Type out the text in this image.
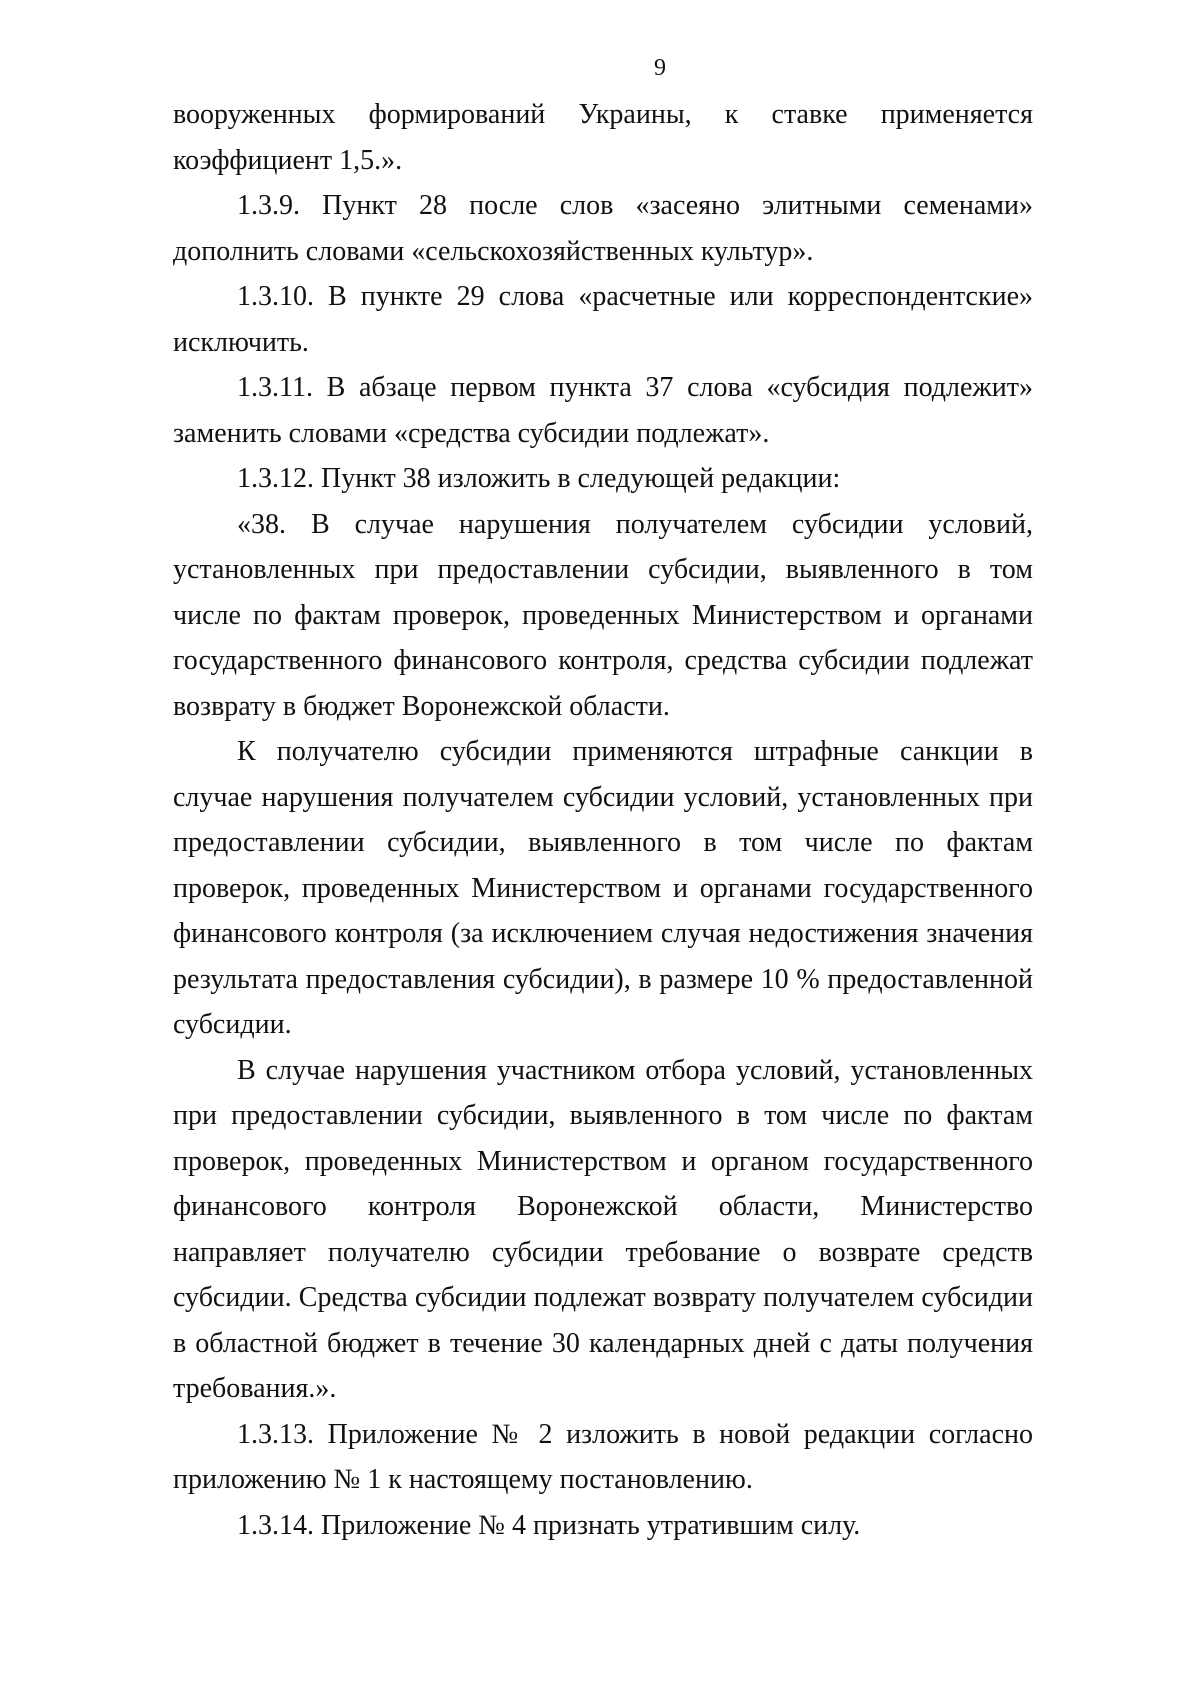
9

вооруженных формирований Украины, к ставке применяется коэффициент 1,5.».

1.3.9. Пункт 28 после слов «засеяно элитными семенами» дополнить словами «сельскохозяйственных культур».

1.3.10. В пункте 29 слова «расчетные или корреспондентские» исключить.

1.3.11. В абзаце первом пункта 37 слова «субсидия подлежит» заменить словами «средства субсидии подлежат».

1.3.12. Пункт 38 изложить в следующей редакции:

«38. В случае нарушения получателем субсидии условий, установленных при предоставлении субсидии, выявленного в том числе по фактам проверок, проведенных Министерством и органами государственного финансового контроля, средства субсидии подлежат возврату в бюджет Воронежской области.

К получателю субсидии применяются штрафные санкции в случае нарушения получателем субсидии условий, установленных при предоставлении субсидии, выявленного в том числе по фактам проверок, проведенных Министерством и органами государственного финансового контроля (за исключением случая недостижения значения результата предоставления субсидии), в размере 10 % предоставленной субсидии.

В случае нарушения участником отбора условий, установленных при предоставлении субсидии, выявленного в том числе по фактам проверок, проведенных Министерством и органом государственного финансового контроля Воронежской области, Министерство направляет получателю субсидии требование о возврате средств субсидии. Средства субсидии подлежат возврату получателем субсидии в областной бюджет в течение 30 календарных дней с даты получения требования.».

1.3.13. Приложение № 2 изложить в новой редакции согласно приложению № 1 к настоящему постановлению.

1.3.14. Приложение № 4 признать утратившим силу.
